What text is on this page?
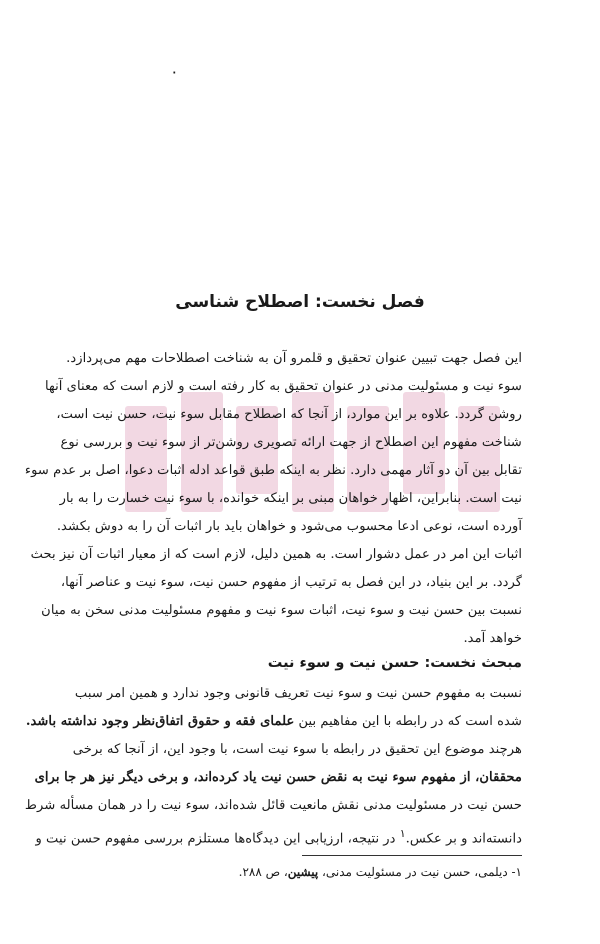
۰
فصل نخست: اصطلاح شناسی
این فصل جهت تبیین عنوان تحقیق و قلمرو آن به شناخت اصطلاحات مهم می‌پردازد.
سوء نیت و مسئولیت مدنی در عنوان تحقیق به کار رفته است و لازم است که معنای آنها
روشن گردد. علاوه بر این موارد، از آنجا که اصطلاح مقابل سوء نیت، حسن نیت است،
شناخت مفهوم این اصطلاح از جهت ارائه تصویری روشن‌تر از سوء نیت و بررسی نوع
تقابل بین آن دو آثار مهمی دارد. نظر به اینکه طبق قواعد ادله اثبات دعوا، اصل بر عدم سوء
نیت است. بنابراین، اظهار خواهان مبنی بر اینکه خوانده، با سوء نیت خسارت را به بار
آورده است، نوعی ادعا محسوب می‌شود و خواهان باید بار اثبات آن را به دوش بکشد.
اثبات این امر در عمل دشوار است. به همین دلیل، لازم است که از معیار اثبات آن نیز بحث
گردد. بر این بنیاد، در این فصل به ترتیب از مفهوم حسن نیت، سوء نیت و عناصر آنها،
نسبت بین حسن نیت و سوء نیت، اثبات سوء نیت و مفهوم مسئولیت مدنی سخن به میان
خواهد آمد.
مبحث نخست: حسن نیت و سوء نیت
نسبت به مفهوم حسن نیت و سوء نیت تعریف قانونی وجود ندارد و همین امر سبب
شده است که در رابطه با این مفاهیم بین علمای فقه و حقوق اتفاق‌نظر وجود نداشته باشد.
هرچند موضوع این تحقیق در رابطه با سوء نیت است، با وجود این، از آنجا که برخی
محققان، از مفهوم سوء نیت به نقض حسن نیت یاد کرده‌اند، و برخی دیگر نیز هر جا برای
حسن نیت در مسئولیت مدنی نقش مانعیت قائل شده‌اند، سوء نیت را در همان مسأله شرط
دانسته‌اند و بر عکس.$^۱$ در نتیجه، ارزیابی این دیدگاه‌ها مستلزم بررسی مفهوم حسن نیت و
۱- دیلمی، حسن نیت در مسئولیت مدنی، پیشین، ص ۲۸۸.
